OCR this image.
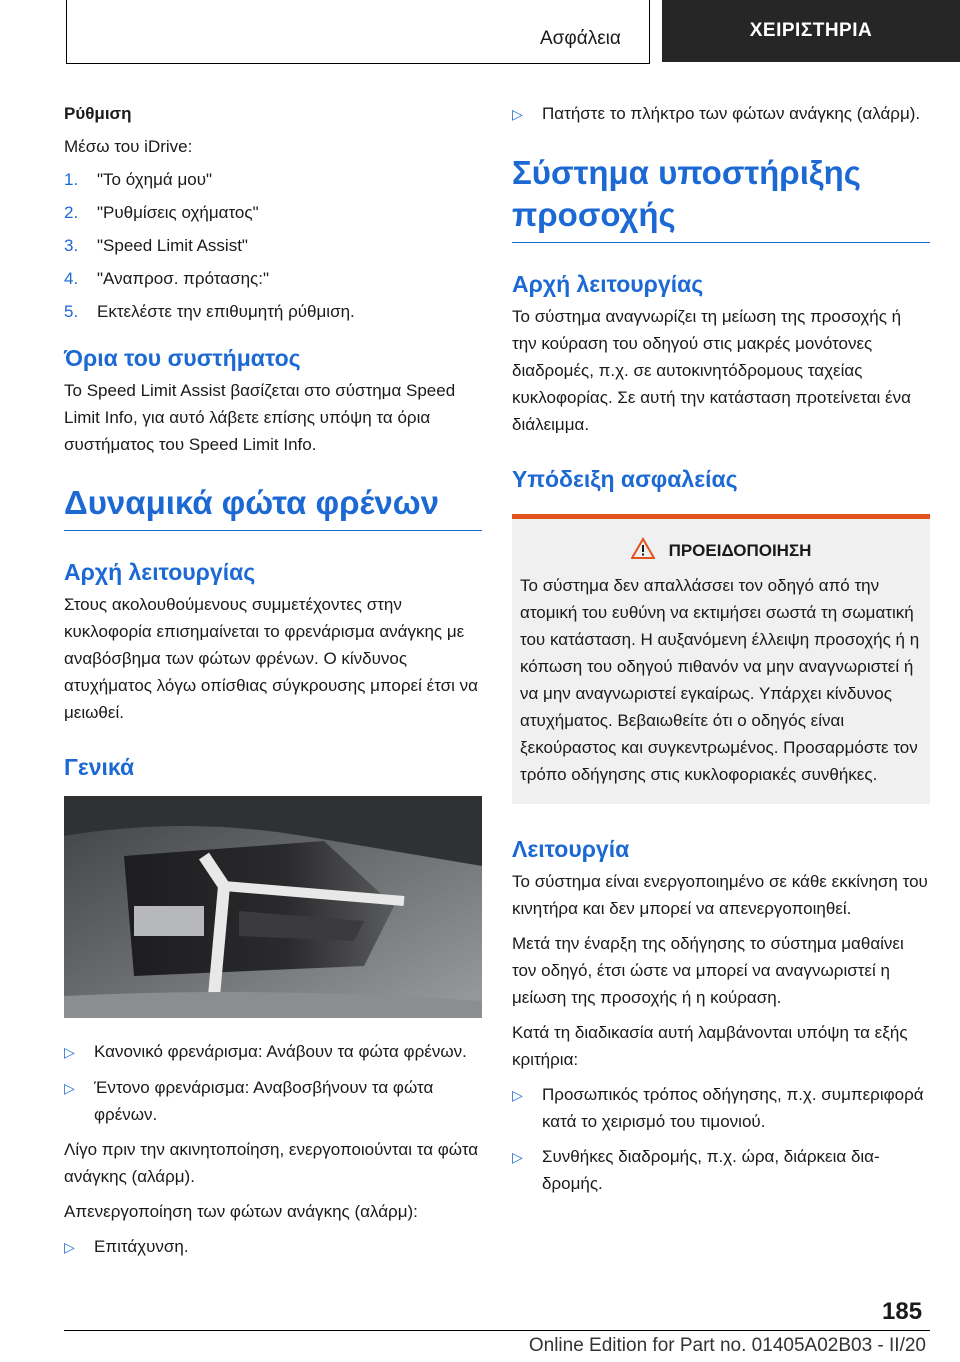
Ασφάλεια	ΧΕΙΡΙΣΤΗΡΙΑ

Ρύθμιση

Μέσω του iDrive:

1.	"Το όχημά μου"
2.	"Ρυθμίσεις οχήματος"
3.	"Speed Limit Assist"
4.	"Αναπροσ. πρότασης:"
5.	Εκτελέστε την επιθυμητή ρύθμιση.

Όρια του συστήματος

Το Speed Limit Assist βασίζεται στο σύστημα Speed Limit Info, για αυτό λάβετε επίσης υπόψη τα όρια συστήματος του Speed Limit Info.

Δυναμικά φώτα φρένων

Αρχή λειτουργίας

Στους ακολουθούμενους συμμετέχοντες στην κυκλοφορία επισημαίνεται το φρενάρισμα ανάγκης με αναβόσβημα των φώτων φρένων. Ο κίνδυνος ατυχήματος λόγω οπίσθιας σύγκρουσης μπορεί έτσι να μειωθεί.

Γενικά

▷	Κανονικό φρενάρισμα: Ανάβουν τα φώτα φρένων.
▷	Έντονο φρενάρισμα: Αναβοσβήνουν τα φώτα φρένων.

Λίγο πριν την ακινητοποίηση, ενεργοποιούνται τα φώτα ανάγκης (αλάρμ).

Απενεργοποίηση των φώτων ανάγκης (αλάρμ):

▷	Επιτάχυνση.
▷	Πατήστε το πλήκτρο των φώτων ανάγκης (αλάρμ).

Σύστημα υποστήριξης προσοχής

Αρχή λειτουργίας

Το σύστημα αναγνωρίζει τη μείωση της προσοχής ή την κούραση του οδηγού στις μακρές μονότονες διαδρομές, π.χ. σε αυτοκινητόδρομους ταχείας κυκλοφορίας. Σε αυτή την κατάσταση προτείνεται ένα διάλειμμα.

Υπόδειξη ασφαλείας

ΠΡΟΕΙΔΟΠΟΙΗΣΗ

Το σύστημα δεν απαλλάσσει τον οδηγό από την ατομική του ευθύνη να εκτιμήσει σωστά τη σωματική του κατάσταση. Η αυξανόμενη έλλειψη προσοχής ή η κόπωση του οδηγού πιθανόν να μην αναγνωριστεί ή να μην αναγνωριστεί εγκαίρως. Υπάρχει κίνδυνος ατυχήματος. Βεβαιωθείτε ότι ο οδηγός είναι ξεκούραστος και συγκεντρωμένος. Προσαρμόστε τον τρόπο οδήγησης στις κυκλοφοριακές συνθήκες.

Λειτουργία

Το σύστημα είναι ενεργοποιημένο σε κάθε εκκίνηση του κινητήρα και δεν μπορεί να απενεργοποιηθεί.

Μετά την έναρξη της οδήγησης το σύστημα μαθαίνει τον οδηγό, έτσι ώστε να μπορεί να αναγνωριστεί η μείωση της προσοχής ή η κούραση.

Κατά τη διαδικασία αυτή λαμβάνονται υπόψη τα εξής κριτήρια:

▷	Προσωπικός τρόπος οδήγησης, π.χ. συμπεριφορά κατά το χειρισμό του τιμονιού.
▷	Συνθήκες διαδρομής, π.χ. ώρα, διάρκεια διαδρομής.
185
Online Edition for Part no. 01405A02B03 - II/20
